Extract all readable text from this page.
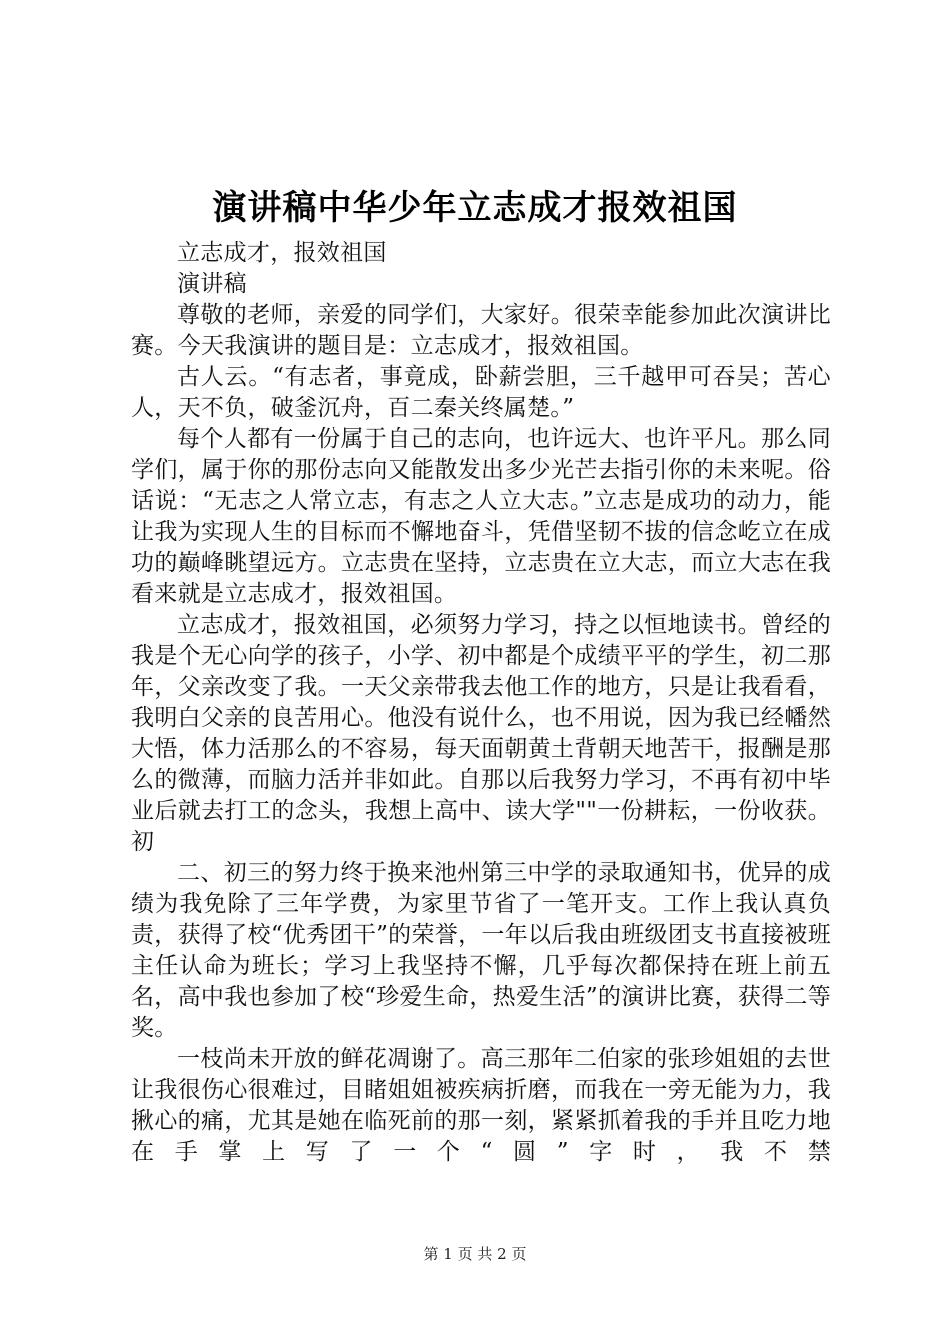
演讲稿中华少年立志成才报效祖国

立志成才，报效祖国

演讲稿

尊敬的老师，亲爱的同学们，大家好。很荣幸能参加此次演讲比赛。今天我演讲的题目是：立志成才，报效祖国。

古人云。“有志者，事竟成，卧薪尝胆，三千越甲可吞吴；苦心人，天不负，破釜沉舟，百二秦关终属楚。”

每个人都有一份属于自己的志向，也许远大、也许平凡。那么同学们，属于你的那份志向又能散发出多少光芒去指引你的未来呢。俗话说：“无志之人常立志，有志之人立大志。”立志是成功的动力，能让我为实现人生的目标而不懈地奋斗，凭借坚韧不拔的信念屹立在成功的巅峰眺望远方。立志贵在坚持，立志贵在立大志，而立大志在我看来就是立志成才，报效祖国。

立志成才，报效祖国，必须努力学习，持之以恒地读书。曾经的我是个无心向学的孩子，小学、初中都是个成绩平平的学生，初二那年，父亲改变了我。一天父亲带我去他工作的地方，只是让我看看，我明白父亲的良苦用心。他没有说什么，也不用说，因为我已经幡然大悟，体力活那么的不容易，每天面朝黄土背朝天地苦干，报酬是那么的微薄，而脑力活并非如此。自那以后我努力学习，不再有初中毕业后就去打工的念头，我想上高中、读大学""一份耕耘，一份收获。初

二、初三的努力终于换来池州第三中学的录取通知书，优异的成绩为我免除了三年学费，为家里节省了一笔开支。工作上我认真负责，获得了校“优秀团干”的荣誉，一年以后我由班级团支书直接被班主任认命为班长；学习上我坚持不懈，几乎每次都保持在班上前五名，高中我也参加了校“珍爱生命，热爱生活”的演讲比赛，获得二等奖。

一枝尚未开放的鲜花凋谢了。高三那年二伯家的张珍姐姐的去世让我很伤心很难过，目睹姐姐被疾病折磨，而我在一旁无能为力，我揪心的痛，尤其是她在临死前的那一刻，紧紧抓着我的手并且吃力地在手掌上写了一个“圆”字时，我不禁

第 1 页 共 2 页
